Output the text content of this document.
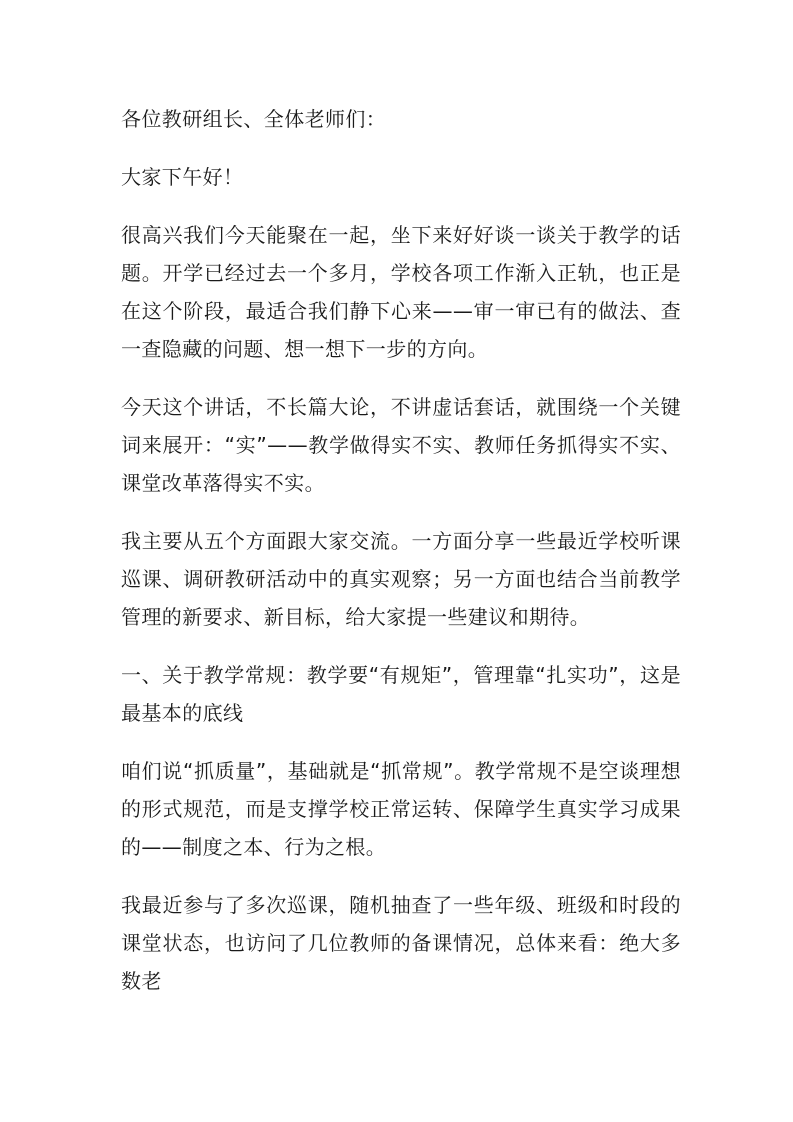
各位教研组长、全体老师们：

大家下午好！

很高兴我们今天能聚在一起，坐下来好好谈一谈关于教学的话题。开学已经过去一个多月，学校各项工作渐入正轨，也正是在这个阶段，最适合我们静下心来——审一审已有的做法、查一查隐藏的问题、想一想下一步的方向。

今天这个讲话，不长篇大论，不讲虚话套话，就围绕一个关键词来展开：“实”——教学做得实不实、教师任务抓得实不实、课堂改革落得实不实。

我主要从五个方面跟大家交流。一方面分享一些最近学校听课巡课、调研教研活动中的真实观察；另一方面也结合当前教学管理的新要求、新目标，给大家提一些建议和期待。

一、关于教学常规：教学要“有规矩”，管理靠“扎实功”，这是最基本的底线

咱们说“抓质量”，基础就是“抓常规”。教学常规不是空谈理想的形式规范，而是支撑学校正常运转、保障学生真实学习成果的——制度之本、行为之根。

我最近参与了多次巡课，随机抽查了一些年级、班级和时段的课堂状态，也访问了几位教师的备课情况，总体来看：绝大多数老
